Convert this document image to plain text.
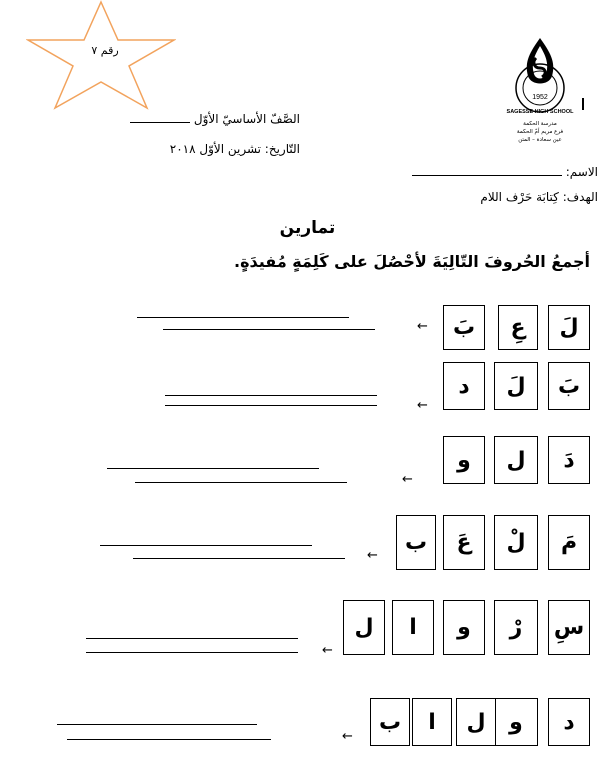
رقم ٧
1952
SAGESSE HIGH SCHOOL
مدرسة الحكمة
فرع مريم أمّ الحكمة
عين سعادة – المتن
الصَّفّ الأساسيّ الأوّل
التّاريخ: تشرين الأوّل ٢٠١٨
الاسم:
الهدف: كِتابَة حَرْف اللام
تمارين
أجمعُ الحُروفَ التّالِيَةَ لأحْصُلَ على كَلِمَةٍ مُفيدَةٍ.
لَ
عِ
بَ
←
بَ
لَ
د
←
دَ
ل
و
←
مَ
لْ
عَ
ب
←
سِ
رْ
و
ا
ل
←
د
و
ل
ا
ب
←
